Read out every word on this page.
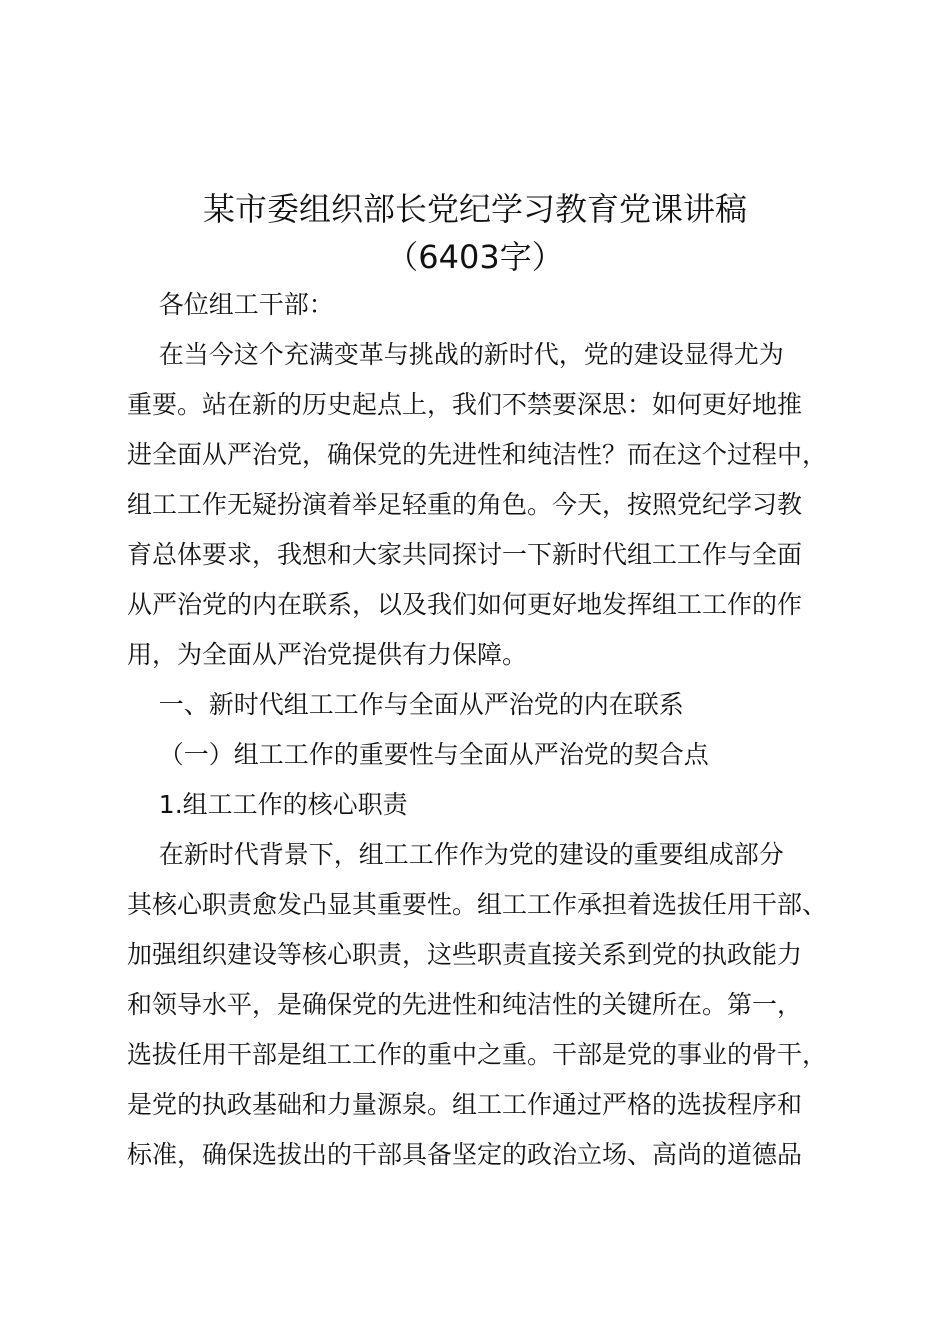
某市委组织部长党纪学习教育党课讲稿
（6403字）

各位组工干部：

在当今这个充满变革与挑战的新时代，党的建设显得尤为

重要。站在新的历史起点上，我们不禁要深思：如何更好地推

进全面从严治党，确保党的先进性和纯洁性？而在这个过程中，

组工工作无疑扮演着举足轻重的角色。今天，按照党纪学习教

育总体要求，我想和大家共同探讨一下新时代组工工作与全面

从严治党的内在联系，以及我们如何更好地发挥组工工作的作

用，为全面从严治党提供有力保障。

一、新时代组工工作与全面从严治党的内在联系

（一）组工工作的重要性与全面从严治党的契合点

1.组工工作的核心职责

在新时代背景下，组工工作作为党的建设的重要组成部分

其核心职责愈发凸显其重要性。组工工作承担着选拔任用干部、

加强组织建设等核心职责，这些职责直接关系到党的执政能力

和领导水平，是确保党的先进性和纯洁性的关键所在。第一，

选拔任用干部是组工工作的重中之重。干部是党的事业的骨干，

是党的执政基础和力量源泉。组工工作通过严格的选拔程序和

标准，确保选拔出的干部具备坚定的政治立场、高尚的道德品
